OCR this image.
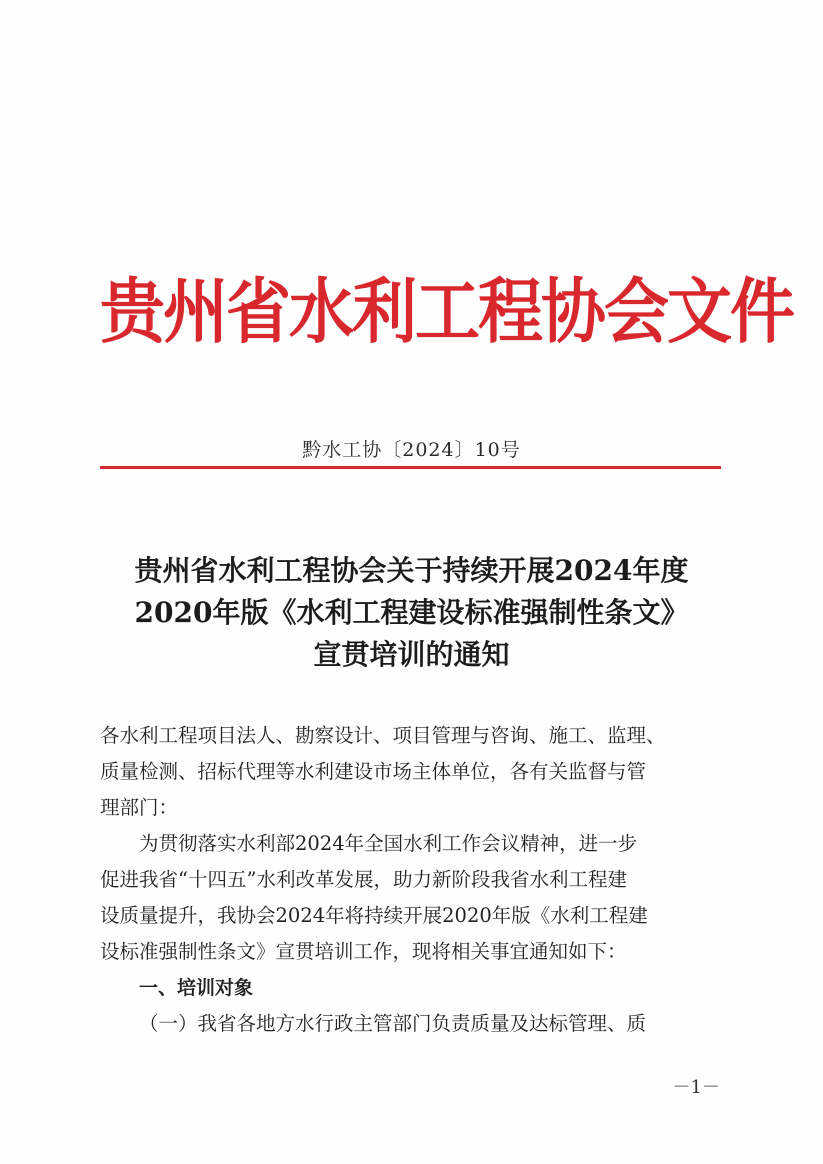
贵州省水利工程协会文件
黔水工协〔2024〕10号
贵州省水利工程协会关于持续开展2024年度
2020年版《水利工程建设标准强制性条文》
宣贯培训的通知
各水利工程项目法人、勘察设计、项目管理与咨询、施工、监理、
质量检测、招标代理等水利建设市场主体单位，各有关监督与管
理部门：
为贯彻落实水利部2024年全国水利工作会议精神，进一步
促进我省“十四五”水利改革发展，助力新阶段我省水利工程建
设质量提升，我协会2024年将持续开展2020年版《水利工程建
设标准强制性条文》宣贯培训工作，现将相关事宜通知如下：
一、培训对象
（一）我省各地方水行政主管部门负责质量及达标管理、质
－1－
